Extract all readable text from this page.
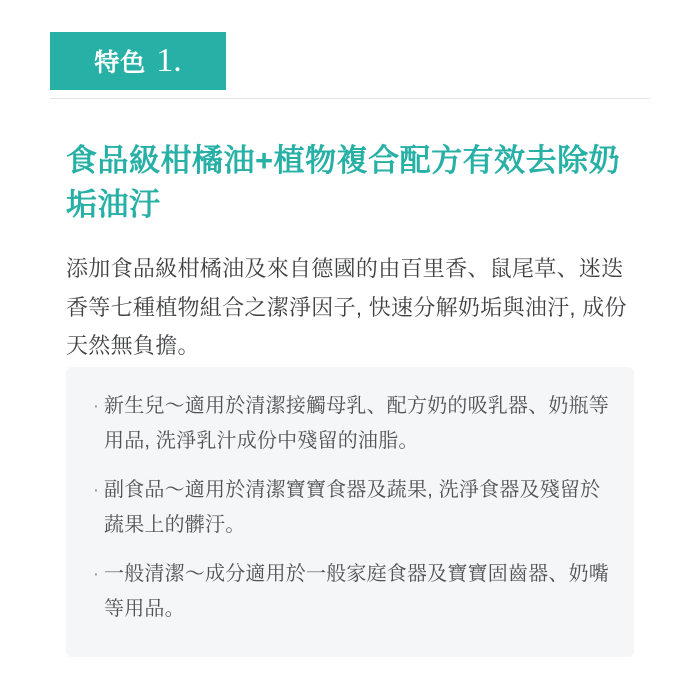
特色 1.
食品級柑橘油+植物複合配方有效去除奶垢油汙

添加食品級柑橘油及來自德國的由百里香、鼠尾草、迷迭香等七種植物組合之潔淨因子, 快速分解奶垢與油汙, 成份天然無負擔。

· 新生兒～適用於清潔接觸母乳、配方奶的吸乳器、奶瓶等用品, 洗淨乳汁成份中殘留的油脂。
· 副食品～適用於清潔寶寶食器及蔬果, 洗淨食器及殘留於蔬果上的髒汙。
· 一般清潔～成分適用於一般家庭食器及寶寶固齒器、奶嘴等用品。
